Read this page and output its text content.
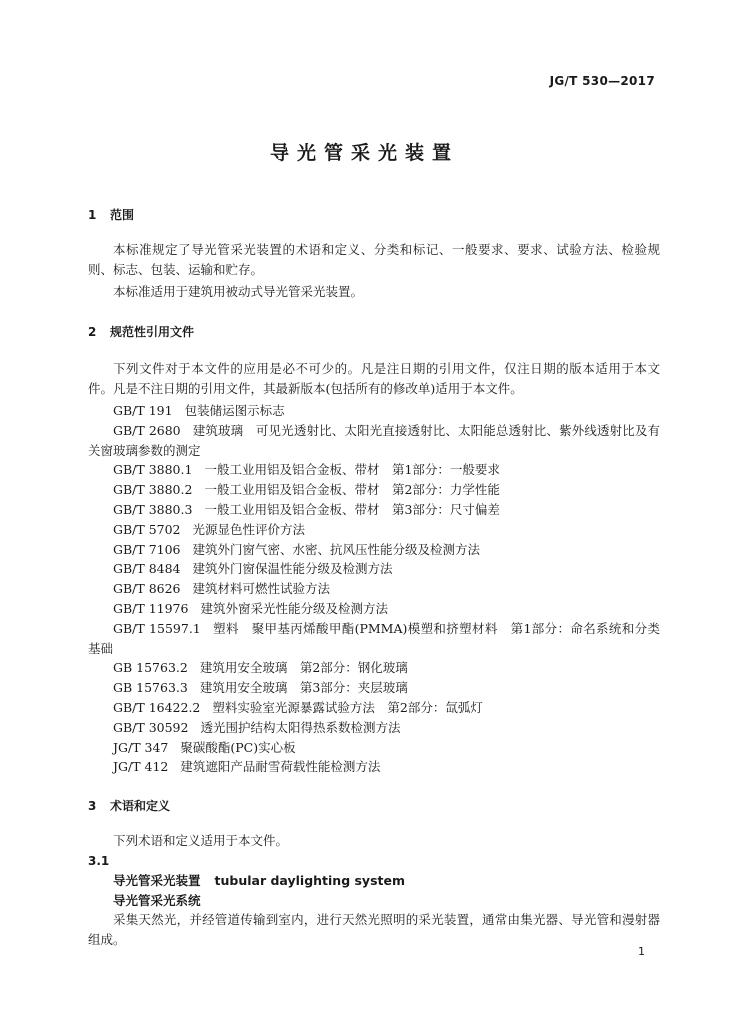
JG/T 530—2017
导光管采光装置
1 范围
本标准规定了导光管采光装置的术语和定义、分类和标记、一般要求、要求、试验方法、检验规则、标志、包装、运输和贮存。
本标准适用于建筑用被动式导光管采光装置。
2 规范性引用文件
下列文件对于本文件的应用是必不可少的。凡是注日期的引用文件，仅注日期的版本适用于本文件。凡是不注日期的引用文件，其最新版本(包括所有的修改单)适用于本文件。
GB/T 191 包装储运图示标志
GB/T 2680 建筑玻璃　可见光透射比、太阳光直接透射比、太阳能总透射比、紫外线透射比及有关窗玻璃参数的测定
GB/T 3880.1 一般工业用铝及铝合金板、带材　第1部分：一般要求
GB/T 3880.2 一般工业用铝及铝合金板、带材　第2部分：力学性能
GB/T 3880.3 一般工业用铝及铝合金板、带材　第3部分：尺寸偏差
GB/T 5702 光源显色性评价方法
GB/T 7106 建筑外门窗气密、水密、抗风压性能分级及检测方法
GB/T 8484 建筑外门窗保温性能分级及检测方法
GB/T 8626 建筑材料可燃性试验方法
GB/T 11976 建筑外窗采光性能分级及检测方法
GB/T 15597.1 塑料　聚甲基丙烯酸甲酯(PMMA)模塑和挤塑材料　第1部分：命名系统和分类基础
GB 15763.2 建筑用安全玻璃　第2部分：钢化玻璃
GB 15763.3 建筑用安全玻璃　第3部分：夹层玻璃
GB/T 16422.2 塑料实验室光源暴露试验方法　第2部分：氙弧灯
GB/T 30592 透光围护结构太阳得热系数检测方法
JG/T 347 聚碳酸酯(PC)实心板
JG/T 412 建筑遮阳产品耐雪荷载性能检测方法
3 术语和定义
下列术语和定义适用于本文件。
3.1
导光管采光装置 tubular daylighting system
导光管采光系统
采集天然光，并经管道传输到室内，进行天然光照明的采光装置，通常由集光器、导光管和漫射器组成。
1
